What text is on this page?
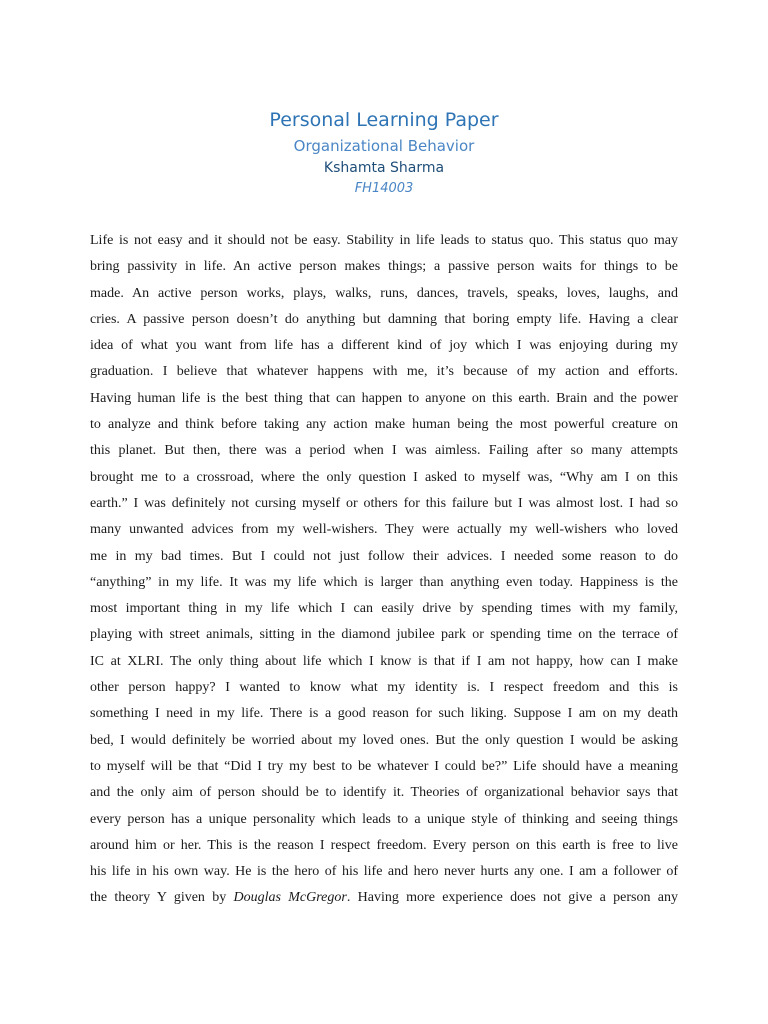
Personal Learning Paper

Organizational Behavior

Kshamta Sharma

FH14003

Life is not easy and it should not be easy. Stability in life leads to status quo. This status quo may
bring passivity in life. An active person makes things; a passive person waits for things to be
made. An active person works, plays, walks, runs, dances, travels, speaks, loves, laughs, and
cries. A passive person doesn’t do anything but damning that boring empty life. Having a clear
idea of what you want from life has a different kind of joy which I was enjoying during my
graduation. I believe that whatever happens with me, it’s because of my action and efforts.
Having human life is the best thing that can happen to anyone on this earth. Brain and the power
to analyze and think before taking any action make human being the most powerful creature on
this planet. But then, there was a period when I was aimless. Failing after so many attempts
brought me to a crossroad, where the only question I asked to myself was, “Why am I on this
earth.” I was definitely not cursing myself or others for this failure but I was almost lost. I had so
many unwanted advices from my well-wishers. They were actually my well-wishers who loved
me in my bad times. But I could not just follow their advices. I needed some reason to do
“anything” in my life. It was my life which is larger than anything even today. Happiness is the
most important thing in my life which I can easily drive by spending times with my family,
playing with street animals, sitting in the diamond jubilee park or spending time on the terrace of
IC at XLRI. The only thing about life which I know is that if I am not happy, how can I make
other person happy? I wanted to know what my identity is. I respect freedom and this is
something I need in my life. There is a good reason for such liking. Suppose I am on my death
bed, I would definitely be worried about my loved ones. But the only question I would be asking
to myself will be that “Did I try my best to be whatever I could be?” Life should have a meaning
and the only aim of person should be to identify it. Theories of organizational behavior says that
every person has a unique personality which leads to a unique style of thinking and seeing things
around him or her. This is the reason I respect freedom. Every person on this earth is free to live
his life in his own way. He is the hero of his life and hero never hurts any one. I am a follower of
the theory Y given by Douglas McGregor. Having more experience does not give a person any
